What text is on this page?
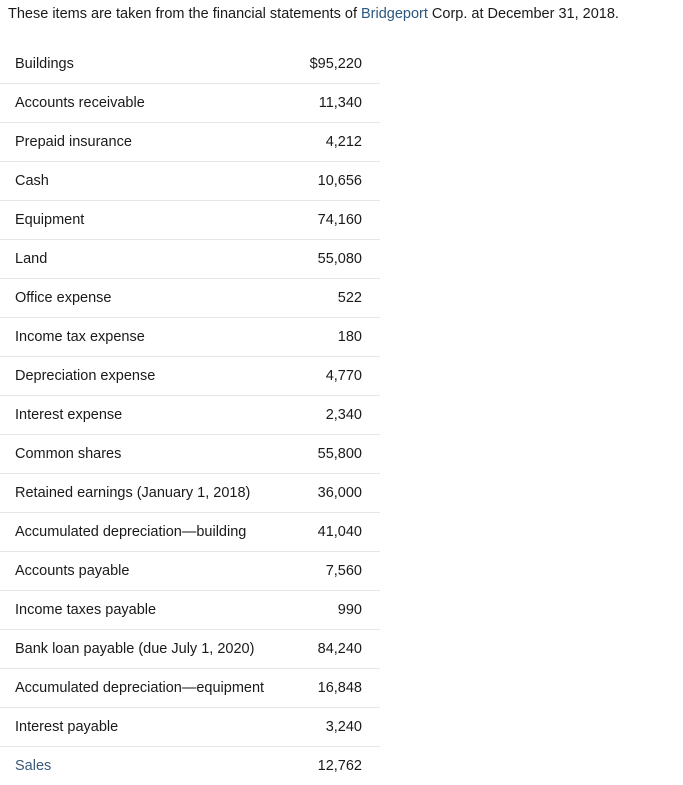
These items are taken from the financial statements of Bridgeport Corp. at December 31, 2018.
Buildings	$95,220
Accounts receivable	11,340
Prepaid insurance	4,212
Cash	10,656
Equipment	74,160
Land	55,080
Office expense	522
Income tax expense	180
Depreciation expense	4,770
Interest expense	2,340
Common shares	55,800
Retained earnings (January 1, 2018)	36,000
Accumulated depreciation—building	41,040
Accounts payable	7,560
Income taxes payable	990
Bank loan payable (due July 1, 2020)	84,240
Accumulated depreciation—equipment	16,848
Interest payable	3,240
Sales	12,762
